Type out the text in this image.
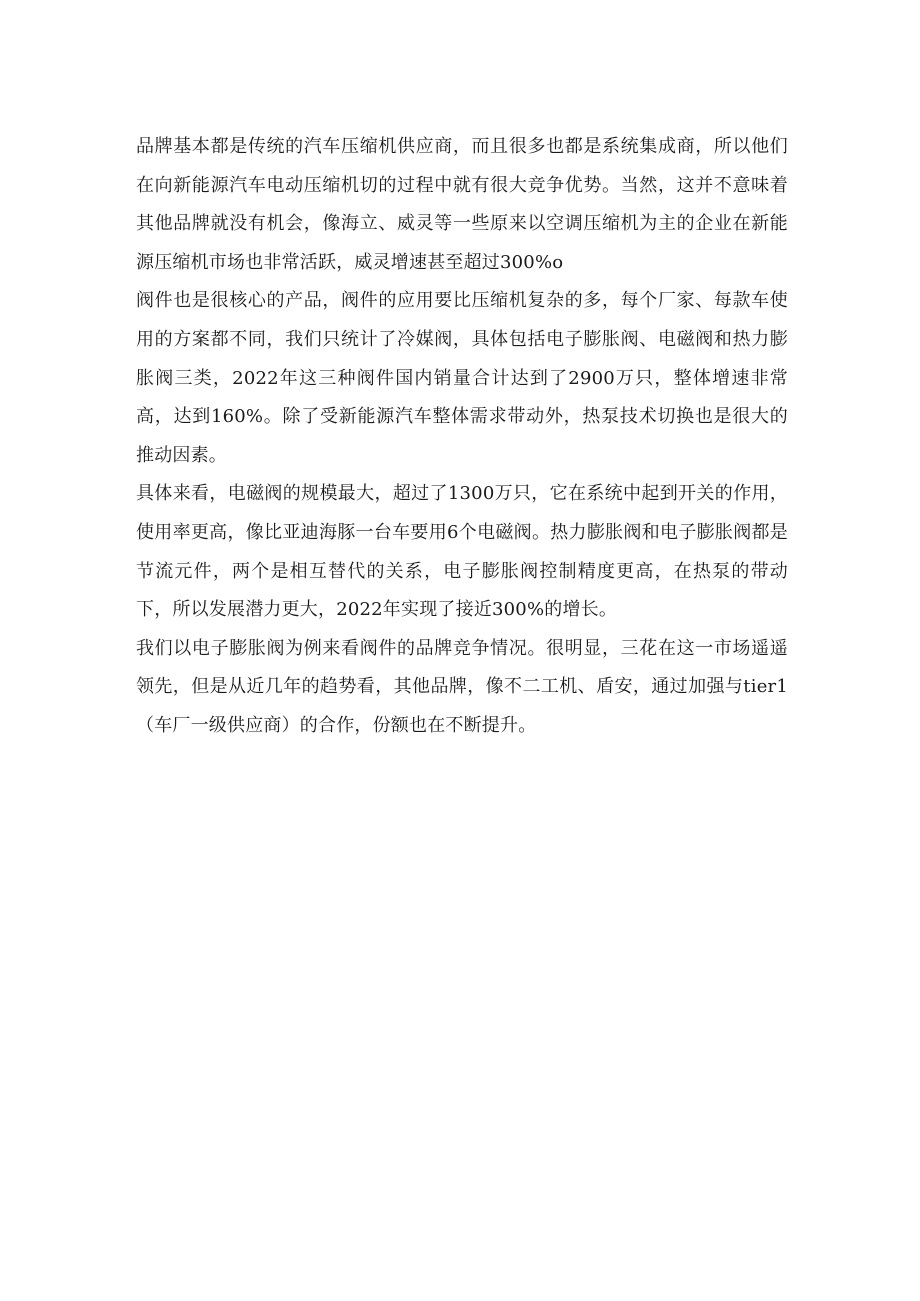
品牌基本都是传统的汽车压缩机供应商，而且很多也都是系统集成商，所以他们在向新能源汽车电动压缩机切的过程中就有很大竞争优势。当然，这并不意味着其他品牌就没有机会，像海立、威灵等一些原来以空调压缩机为主的企业在新能源压缩机市场也非常活跃，威灵增速甚至超过300%o

阀件也是很核心的产品，阀件的应用要比压缩机复杂的多，每个厂家、每款车使用的方案都不同，我们只统计了冷媒阀，具体包括电子膨胀阀、电磁阀和热力膨胀阀三类，2022年这三种阀件国内销量合计达到了2900万只，整体增速非常高，达到160%。除了受新能源汽车整体需求带动外，热泵技术切换也是很大的推动因素。

具体来看，电磁阀的规模最大，超过了1300万只，它在系统中起到开关的作用，使用率更高，像比亚迪海豚一台车要用6个电磁阀。热力膨胀阀和电子膨胀阀都是节流元件，两个是相互替代的关系，电子膨胀阀控制精度更高，在热泵的带动下，所以发展潜力更大，2022年实现了接近300%的增长。

我们以电子膨胀阀为例来看阀件的品牌竞争情况。很明显，三花在这一市场遥遥领先，但是从近几年的趋势看，其他品牌，像不二工机、盾安，通过加强与tier1（车厂一级供应商）的合作，份额也在不断提升。
